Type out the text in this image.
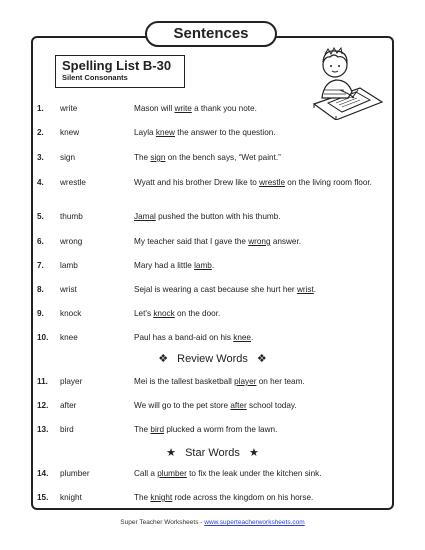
Sentences
Spelling List B-30
Silent Consonants
1. write	Mason will write a thank you note.
2. knew	Layla knew the answer to the question.
3. sign	The sign on the bench says, “Wet paint.”
4. wrestle	Wyatt and his brother Drew like to wrestle on the living room floor.
5. thumb	Jamal pushed the button with his thumb.
6. wrong	My teacher said that I gave the wrong answer.
7. lamb	Mary had a little lamb.
8. wrist	Sejal is wearing a cast because she hurt her wrist.
9. knock	Let's knock on the door.
10. knee	Paul has a band-aid on his knee.
❖ Review Words ❖
11. player	Mei is the tallest basketball player on her team.
12. after	We will go to the pet store after school today.
13. bird	The bird plucked a worm from the lawn.
★ Star Words ★
14. plumber	Call a plumber to fix the leak under the kitchen sink.
15. knight	The knight rode across the kingdom on his horse.
Super Teacher Worksheets - www.superteacherworksheets.com
